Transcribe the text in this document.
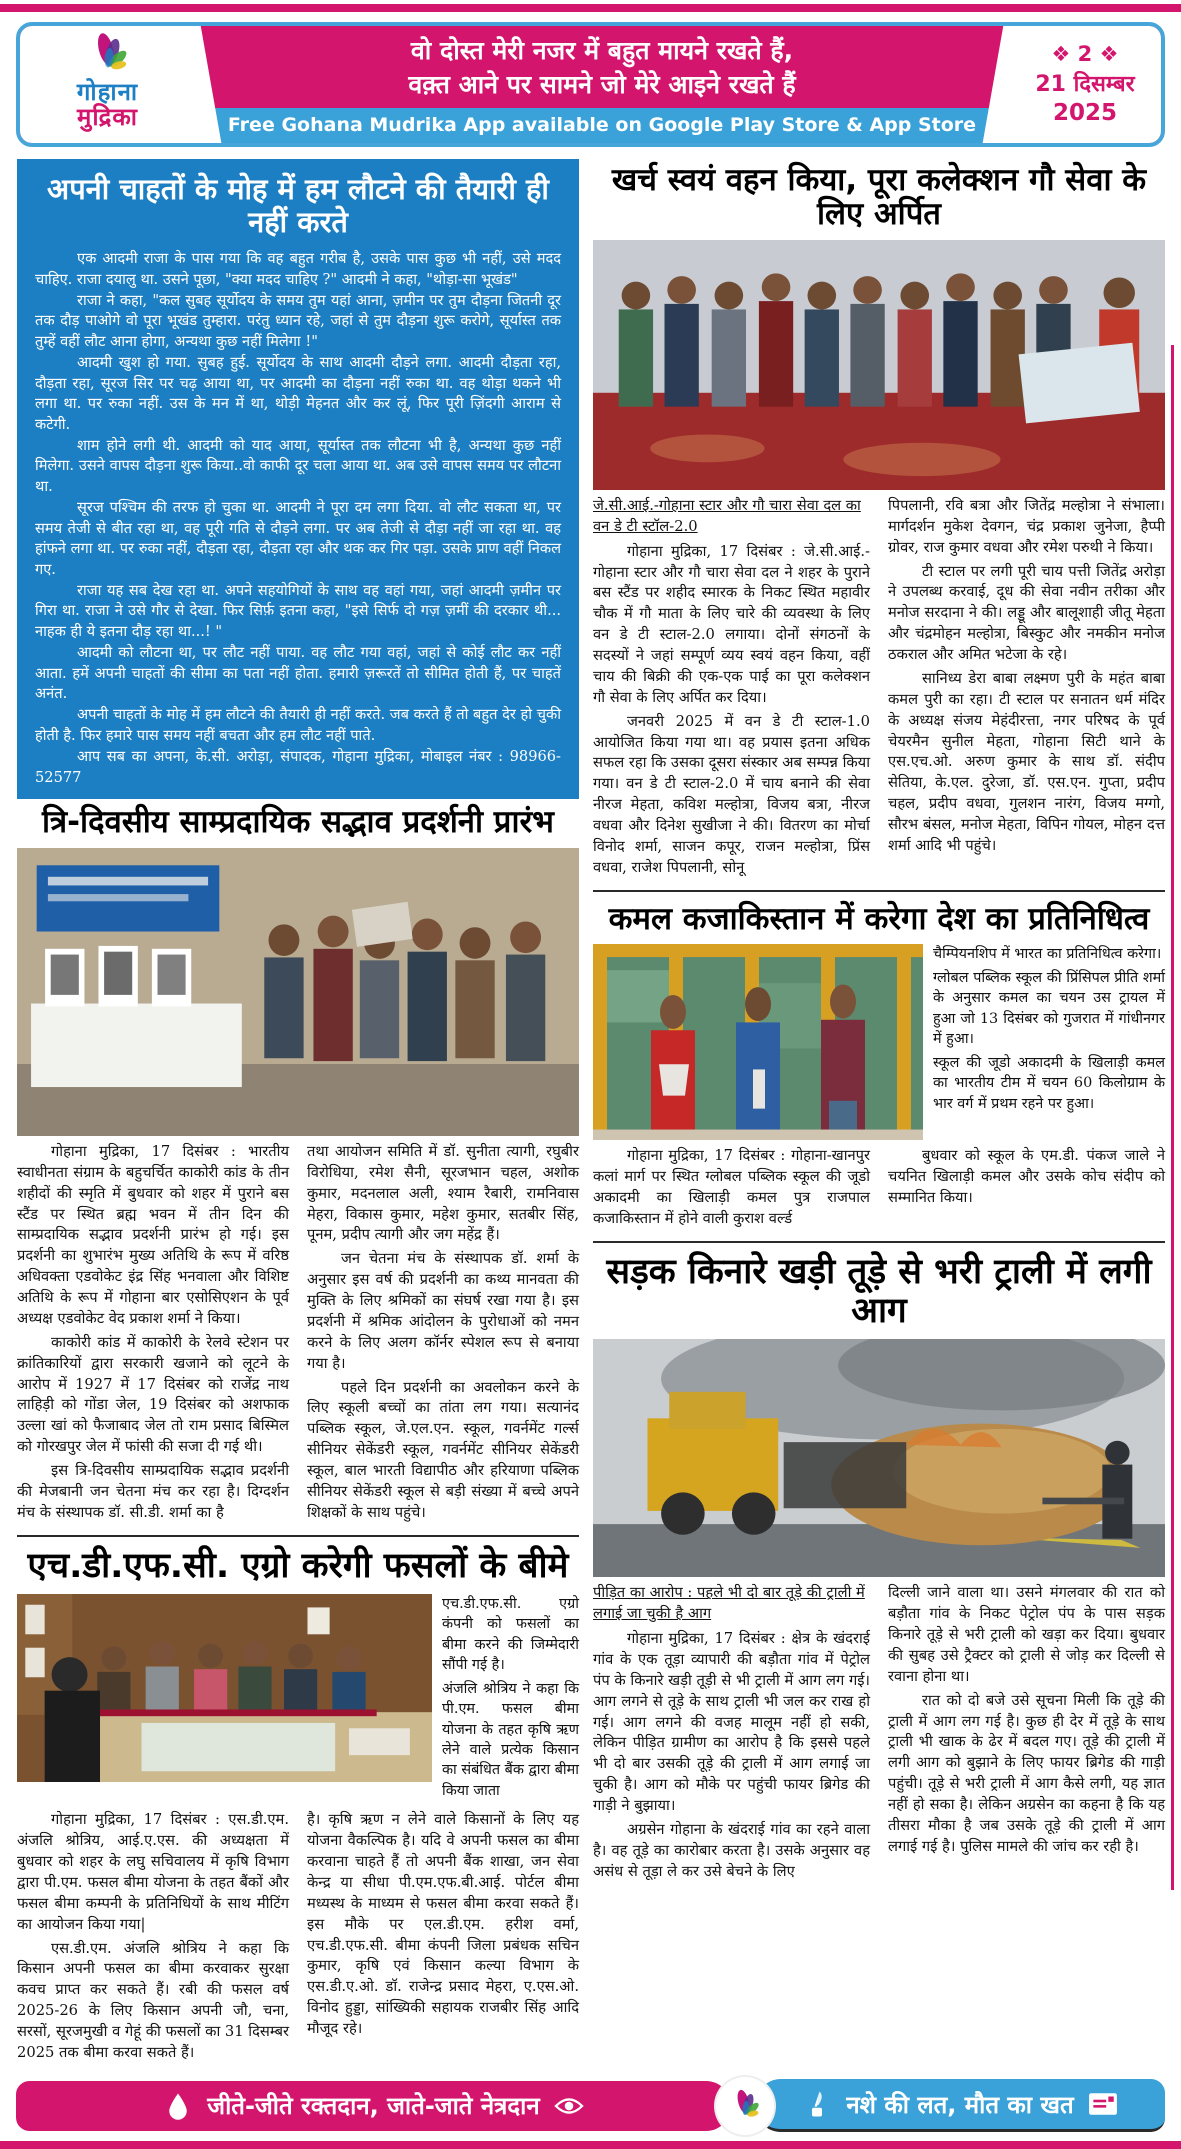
गोहाना
मुद्रिका
वो दोस्त मेरी नजर में बहुत मायने रखते हैं,
वक़्त आने पर सामने जो मेरे आइने रखते हैं
Free Gohana Mudrika App available on Google Play Store & App Store
❖ 2 ❖
21 दिसम्बर
2025
अपनी चाहतों के मोह में हम लौटने की तैयारी ही नहीं करते

एक आदमी राजा के पास गया कि वह बहुत गरीब है, उसके पास कुछ भी नहीं, उसे मदद चाहिए. राजा दयालु था. उसने पूछा, "क्या मदद चाहिए ?" आदमी ने कहा, "थोड़ा-सा भूखंड"

राजा ने कहा, "कल सुबह सूर्योदय के समय तुम यहां आना, ज़मीन पर तुम दौड़ना जितनी दूर तक दौड़ पाओगे वो पूरा भूखंड तुम्हारा. परंतु ध्यान रहे, जहां से तुम दौड़ना शुरू करोगे, सूर्यास्त तक तुम्हें वहीं लौट आना होगा, अन्यथा कुछ नहीं मिलेगा !"

आदमी खुश हो गया. सुबह हुई. सूर्योदय के साथ आदमी दौड़ने लगा. आदमी दौड़ता रहा, दौड़ता रहा, सूरज सिर पर चढ़ आया था, पर आदमी का दौड़ना नहीं रुका था. वह थोड़ा थकने भी लगा था. पर रुका नहीं. उस के मन में था, थोड़ी मेहनत और कर लूं, फिर पूरी ज़िंदगी आराम से कटेगी.

शाम होने लगी थी. आदमी को याद आया, सूर्यास्त तक लौटना भी है, अन्यथा कुछ नहीं मिलेगा. उसने वापस दौड़ना शुरू किया..वो काफी दूर चला आया था. अब उसे वापस समय पर लौटना था.

सूरज पश्चिम की तरफ हो चुका था. आदमी ने पूरा दम लगा दिया. वो लौट सकता था, पर समय तेजी से बीत रहा था, वह पूरी गति से दौड़ने लगा. पर अब तेजी से दौड़ा नहीं जा रहा था. वह हांफने लगा था. पर रुका नहीं, दौड़ता रहा, दौड़ता रहा और थक कर गिर पड़ा. उसके प्राण वहीं निकल गए.

राजा यह सब देख रहा था. अपने सहयोगियों के साथ वह वहां गया, जहां आदमी ज़मीन पर गिरा था. राजा ने उसे गौर से देखा. फिर सिर्फ़ इतना कहा, "इसे सिर्फ दो गज़ ज़मीं की दरकार थी... नाहक ही ये इतना दौड़ रहा था...! "

आदमी को लौटना था, पर लौट नहीं पाया. वह लौट गया वहां, जहां से कोई लौट कर नहीं आता. हमें अपनी चाहतों की सीमा का पता नहीं होता. हमारी ज़रूरतें तो सीमित होती हैं, पर चाहतें अनंत.

अपनी चाहतों के मोह में हम लौटने की तैयारी ही नहीं करते. जब करते हैं तो बहुत देर हो चुकी होती है. फिर हमारे पास समय नहीं बचता और हम लौट नहीं पाते.

आप सब का अपना, के.सी. अरोड़ा, संपादक, गोहाना मुद्रिका, मोबाइल नंबर : 98966-52577

त्रि-दिवसीय साम्प्रदायिक सद्भाव प्रदर्शनी प्रारंभ

गोहाना मुद्रिका, 17 दिसंबर : भारतीय स्वाधीनता संग्राम के बहुचर्चित काकोरी कांड के तीन शहीदों की स्मृति में बुधवार को शहर में पुराने बस स्टैंड पर स्थित ब्रह्म भवन में तीन दिन की साम्प्रदायिक सद्भाव प्रदर्शनी प्रारंभ हो गई। इस प्रदर्शनी का शुभारंभ मुख्य अतिथि के रूप में वरिष्ठ अधिवक्ता एडवोकेट इंद्र सिंह भनवाला और विशिष्ट अतिथि के रूप में गोहाना बार एसोसिएशन के पूर्व अध्यक्ष एडवोकेट वेद प्रकाश शर्मा ने किया।

काकोरी कांड में काकोरी के रेलवे स्टेशन पर क्रांतिकारियों द्वारा सरकारी खजाने को लूटने के आरोप में 1927 में 17 दिसंबर को राजेंद्र नाथ लाहिड़ी को गोंडा जेल, 19 दिसंबर को अशफाक उल्ला खां को फैजाबाद जेल तो राम प्रसाद बिस्मिल को गोरखपुर जेल में फांसी की सजा दी गई थी।

इस त्रि-दिवसीय साम्प्रदायिक सद्भाव प्रदर्शनी की मेजबानी जन चेतना मंच कर रहा है। दिग्दर्शन मंच के संस्थापक डॉ. सी.डी. शर्मा का है

तथा आयोजन समिति में डॉ. सुनीता त्यागी, रघुबीर विरोधिया, रमेश सैनी, सूरजभान चहल, अशोक कुमार, मदनलाल अली, श्याम रैबारी, रामनिवास मेहरा, विकास कुमार, महेश कुमार, सतबीर सिंह, पूनम, प्रदीप त्यागी और जग महेंद्र हैं।

जन चेतना मंच के संस्थापक डॉ. शर्मा के अनुसार इस वर्ष की प्रदर्शनी का कथ्य मानवता की मुक्ति के लिए श्रमिकों का संघर्ष रखा गया है। इस प्रदर्शनी में श्रमिक आंदोलन के पुरोधाओं को नमन करने के लिए अलग कॉर्नर स्पेशल रूप से बनाया गया है।

पहले दिन प्रदर्शनी का अवलोकन करने के लिए स्कूली बच्चों का तांता लग गया। सत्यानंद पब्लिक स्कूल, जे.एल.एन. स्कूल, गवर्नमेंट गर्ल्स सीनियर सेकेंडरी स्कूल, गवर्नमेंट सीनियर सेकेंडरी स्कूल, बाल भारती विद्यापीठ और हरियाणा पब्लिक सीनियर सेकेंडरी स्कूल से बड़ी संख्या में बच्चे अपने शिक्षकों के साथ पहुंचे।

एच.डी.एफ.सी. एग्रो करेगी फसलों के बीमे

एच.डी.एफ.सी. एग्रो कंपनी को फसलों का बीमा करने की जिम्मेदारी सौंपी गई है।

अंजलि श्रोत्रिय ने कहा कि पी.एम. फसल बीमा योजना के तहत कृषि ऋण लेने वाले प्रत्येक किसान का संबंधित बैंक द्वारा बीमा किया जाता

गोहाना मुद्रिका, 17 दिसंबर : एस.डी.एम. अंजलि श्रोत्रिय, आई.ए.एस. की अध्यक्षता में बुधवार को शहर के लघु सचिवालय में कृषि विभाग द्वारा पी.एम. फसल बीमा योजना के तहत बैंकों और फसल बीमा कम्पनी के प्रतिनिधियों के साथ मीटिंग का आयोजन किया गया|

एस.डी.एम. अंजलि श्रोत्रिय ने कहा कि किसान अपनी फसल का बीमा करवाकर सुरक्षा कवच प्राप्त कर सकते हैं। रबी की फसल वर्ष 2025-26 के लिए किसान अपनी जौ, चना, सरसों, सूरजमुखी व गेहूं की फसलों का 31 दिसम्बर 2025 तक बीमा करवा सकते हैं।

है। कृषि ऋण न लेने वाले किसानों के लिए यह योजना वैकल्पिक है। यदि वे अपनी फसल का बीमा करवाना चाहते हैं तो अपनी बैंक शाखा, जन सेवा केन्द्र या सीधा पी.एम.एफ.बी.आई. पोर्टल बीमा मध्यस्थ के माध्यम से फसल बीमा करवा सकते हैं।इस मौके पर एल.डी.एम. हरीश वर्मा, एच.डी.एफ.सी. बीमा कंपनी जिला प्रबंधक सचिन कुमार, कृषि एवं किसान कल्या विभाग के एस.डी.ए.ओ. डॉ. राजेन्द्र प्रसाद मेहरा, ए.एस.ओ. विनोद हुड्डा, सांख्यिकी सहायक राजबीर सिंह आदि मौजूद रहे।

खर्च स्वयं वहन किया, पूरा कलेक्शन गौ सेवा के लिए अर्पित

जे.सी.आई.-गोहाना स्टार और गौ चारा सेवा दल का वन डे टी स्टॉल-2.0

गोहाना मुद्रिका, 17 दिसंबर : जे.सी.आई.-गोहाना स्टार और गौ चारा सेवा दल ने शहर के पुराने बस स्टैंड पर शहीद स्मारक के निकट स्थित महावीर चौक में गौ माता के लिए चारे की व्यवस्था के लिए वन डे टी स्टाल-2.0 लगाया। दोनों संगठनों के सदस्यों ने जहां सम्पूर्ण व्यय स्वयं वहन किया, वहीं चाय की बिक्री की एक-एक पाई का पूरा कलेक्शन गौ सेवा के लिए अर्पित कर दिया।

जनवरी 2025 में वन डे टी स्टाल-1.0 आयोजित किया गया था। वह प्रयास इतना अधिक सफल रहा कि उसका दूसरा संस्कार अब सम्पन्न किया गया। वन डे टी स्टाल-2.0 में चाय बनाने की सेवा नीरज मेहता, कविश मल्होत्रा, विजय बत्रा, नीरज वधवा और दिनेश सुखीजा ने की। वितरण का मोर्चा विनोद शर्मा, साजन कपूर, राजन मल्होत्रा, प्रिंस वधवा, राजेश पिपलानी, सोनू

पिपलानी, रवि बत्रा और जितेंद्र मल्होत्रा ने संभाला। मार्गदर्शन मुकेश देवगन, चंद्र प्रकाश जुनेजा, हैप्पी ग्रोवर, राज कुमार वधवा और रमेश परुथी ने किया।

टी स्टाल पर लगी पूरी चाय पत्ती जितेंद्र अरोड़ा ने उपलब्ध करवाई, दूध की सेवा नवीन तरीका और मनोज सरदाना ने की। लड्डू और बालूशाही जीतू मेहता और चंद्रमोहन मल्होत्रा, बिस्कुट और नमकीन मनोज ठकराल और अमित भटेजा के रहे।

सानिध्य डेरा बाबा लक्ष्मण पुरी के महंत बाबा कमल पुरी का रहा। टी स्टाल पर सनातन धर्म मंदिर के अध्यक्ष संजय मेहंदीरत्ता, नगर परिषद के पूर्व चेयरमैन सुनील मेहता, गोहाना सिटी थाने के एस.एच.ओ. अरुण कुमार के साथ डॉ. संदीप सेतिया, के.एल. दुरेजा, डॉ. एस.एन. गुप्ता, प्रदीप चहल, प्रदीप वधवा, गुलशन नारंग, विजय मग्गो, सौरभ बंसल, मनोज मेहता, विपिन गोयल, मोहन दत्त शर्मा आदि भी पहुंचे।

कमल कजाकिस्तान में करेगा देश का प्रतिनिधित्व

चैम्पियनशिप में भारत का प्रतिनिधित्व करेगा।

ग्लोबल पब्लिक स्कूल की प्रिंसिपल प्रीति शर्मा के अनुसार कमल का चयन उस ट्रायल में हुआ जो 13 दिसंबर को गुजरात में गांधीनगर में हुआ।

स्कूल की जूडो अकादमी के खिलाड़ी कमल का भारतीय टीम में चयन 60 किलोग्राम के भार वर्ग में प्रथम रहने पर हुआ।

गोहाना मुद्रिका, 17 दिसंबर : गोहाना-खानपुर कलां मार्ग पर स्थित ग्लोबल पब्लिक स्कूल की जूडो अकादमी का खिलाड़ी कमल पुत्र राजपाल कजाकिस्तान में होने वाली कुराश वर्ल्ड

बुधवार को स्कूल के एम.डी. पंकज जाले ने चयनित खिलाड़ी कमल और उसके कोच संदीप को सम्मानित किया।

सड़क किनारे खड़ी तूड़े से भरी ट्राली में लगी आग

पीड़ित का आरोप : पहले भी दो बार तूड़े की ट्राली में लगाई जा चुकी है आग

गोहाना मुद्रिका, 17 दिसंबर : क्षेत्र के खंदराई गांव के एक तूड़ा व्यापारी की बड़ौता गांव में पेट्रोल पंप के किनारे खड़ी तूड़ी से भी ट्राली में आग लग गई। आग लगने से तूड़े के साथ ट्राली भी जल कर राख हो गई। आग लगने की वजह मालूम नहीं हो सकी, लेकिन पीड़ित ग्रामीण का आरोप है कि इससे पहले भी दो बार उसकी तूड़े की ट्राली में आग लगाई जा चुकी है। आग को मौके पर पहुंची फायर ब्रिगेड की गाड़ी ने बुझाया।

अग्रसेन गोहाना के खंदराई गांव का रहने वाला है। वह तूड़े का कारोबार करता है। उसके अनुसार वह असंध से तूड़ा ले कर उसे बेचने के लिए

दिल्ली जाने वाला था। उसने मंगलवार की रात को बड़ौता गांव के निकट पेट्रोल पंप के पास सड़क किनारे तूड़े से भरी ट्राली को खड़ा कर दिया। बुधवार की सुबह उसे ट्रैक्टर को ट्राली से जोड़ कर दिल्ली से रवाना होना था।

रात को दो बजे उसे सूचना मिली कि तूड़े की ट्राली में आग लग गई है। कुछ ही देर में तूड़े के साथ ट्राली भी खाक के ढेर में बदल गए। तूड़े की ट्राली में लगी आग को बुझाने के लिए फायर ब्रिगेड की गाड़ी पहुंची। तूड़े से भरी ट्राली में आग कैसे लगी, यह ज्ञात नहीं हो सका है। लेकिन अग्रसेन का कहना है कि यह तीसरा मौका है जब उसके तूड़े की ट्राली में आग लगाई गई है। पुलिस मामले की जांच कर रही है।

जीते-जीते रक्तदान, जाते-जाते नेत्रदान	नशे की लत, मौत का खत
